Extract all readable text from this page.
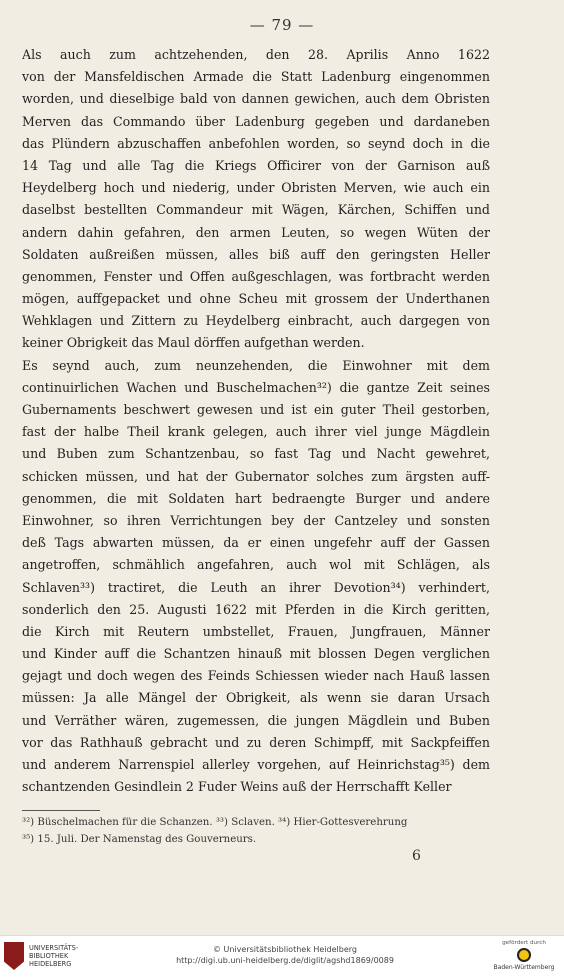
— 79 —
Als auch zum achtzehenden, den 28. Aprilis Anno 1622
von der Mansfeldischen Armade die Statt Ladenburg eingenommen
worden, und dieselbige bald von dannen gewichen, auch dem Obristen
Merven das Commando über Ladenburg gegeben und dardaneben
das Plündern abzuschaffen anbefohlen worden, so seynd doch in die
14 Tag und alle Tag die Kriegs Officirer von der Garnison auß
Heydelberg hoch und niederig, under Obristen Merven, wie auch ein
daselbst bestellten Commandeur mit Wägen, Kärchen, Schiffen und
andern dahin gefahren, den armen Leuten, so wegen Wüten der
Soldaten außreißen müssen, alles biß auff den geringsten Heller
genommen, Fenster und Offen außgeschlagen, was fortbracht werden
mögen, auffgepacket und ohne Scheu mit grossem der Underthanen
Wehklagen und Zittern zu Heydelberg einbracht, auch dargegen von
keiner Obrigkeit das Maul dörffen aufgethan werden.
Es seynd auch, zum neunzehenden, die Einwohner mit dem
continuirlichen Wachen und Buschelmachen³²) die gantze Zeit seines
Gubernaments beschwert gewesen und ist ein guter Theil gestorben,
fast der halbe Theil krank gelegen, auch ihrer viel junge Mägdlein
und Buben zum Schantzenbau, so fast Tag und Nacht gewehret,
schicken müssen, und hat der Gubernator solches zum ärgsten auff-
genommen, die mit Soldaten hart bedraengte Burger und andere
Einwohner, so ihren Verrichtungen bey der Cantzeley und sonsten
deß Tags abwarten müssen, da er einen ungefehr auff der Gassen
angetroffen, schmählich angefahren, auch wol mit Schlägen, als
Schlaven³³) tractiret, die Leuth an ihrer Devotion³⁴) verhindert,
sonderlich den 25. Augusti 1622 mit Pferden in die Kirch geritten,
die Kirch mit Reutern umbstellet, Frauen, Jungfrauen, Männer
und Kinder auff die Schantzen hinauß mit blossen Degen verglichen
gejagt und doch wegen des Feinds Schiessen wieder nach Hauß lassen
müssen: Ja alle Mängel der Obrigkeit, als wenn sie daran Ursach
und Verräther wären, zugemessen, die jungen Mägdlein und Buben
vor das Rathhauß gebracht und zu deren Schimpff, mit Sackpfeiffen
und anderem Narrenspiel allerley vorgehen, auf Heinrichstag³⁵) dem
schantzenden Gesindlein 2 Fuder Weins auß der Herrschafft Keller
³²) Büschelmachen für die Schanzen. ³³) Sclaven. ³⁴) Hier-Gottesverehrung
³⁵) 15. Juli. Der Namenstag des Gouverneurs.
6
UNIVERSITÄTS-
BIBLIOTHEK
HEIDELBERG
© Universitätsbibliothek Heidelberg
http://digi.ub.uni-heidelberg.de/diglit/agshd1869/0089
gefördert durch
Baden-Württemberg
